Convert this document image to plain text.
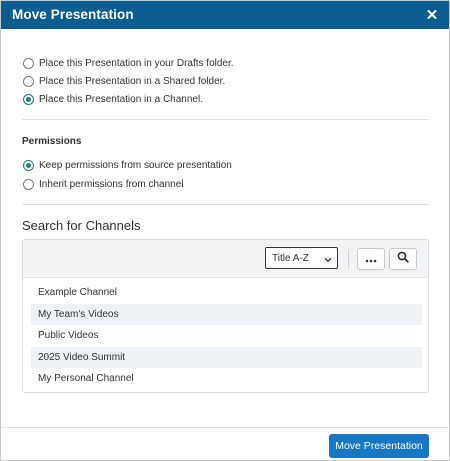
Move Presentation
Place this Presentation in your Drafts folder.
Place this Presentation in a Shared folder.
Place this Presentation in a Channel.
Permissions
Keep permissions from source presentation
Inherit permissions from channel
Search for Channels
Title A-Z
Example Channel
My Team's Videos
Public Videos
2025 Video Summit
My Personal Channel
Move Presentation
